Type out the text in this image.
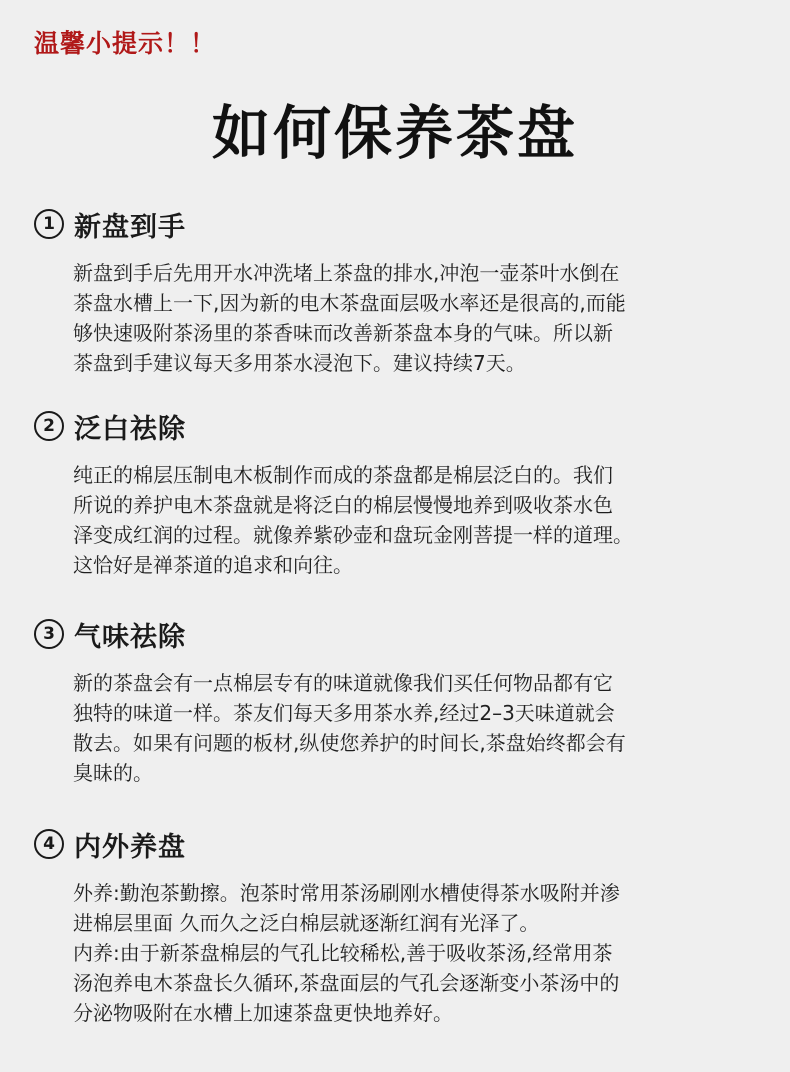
温馨小提示！！
如何保养茶盘
1 新盘到手
新盘到手后先用开水冲洗堵上茶盘的排水,冲泡一壶茶叶水倒在
茶盘水槽上一下,因为新的电木茶盘面层吸水率还是很高的,而能
够快速吸附茶汤里的茶香味而改善新茶盘本身的气味。所以新
茶盘到手建议每天多用茶水浸泡下。建议持续7天。
2 泛白祛除
纯正的棉层压制电木板制作而成的茶盘都是棉层泛白的。我们
所说的养护电木茶盘就是将泛白的棉层慢慢地养到吸收茶水色
泽变成红润的过程。就像养紫砂壶和盘玩金刚菩提一样的道理。
这恰好是禅茶道的追求和向往。
3 气味祛除
新的茶盘会有一点棉层专有的味道就像我们买任何物品都有它
独特的味道一样。茶友们每天多用茶水养,经过2–3天味道就会
散去。如果有问题的板材,纵使您养护的时间长,茶盘始终都会有
臭昧的。
4 内外养盘
外养:勤泡茶勤擦。泡茶时常用茶汤刷刚水槽使得茶水吸附并渗
进棉层里面 久而久之泛白棉层就逐渐红润有光泽了。
内养:由于新茶盘棉层的气孔比较稀松,善于吸收茶汤,经常用茶
汤泡养电木茶盘长久循环,茶盘面层的气孔会逐渐变小茶汤中的
分泌物吸附在水槽上加速茶盘更快地养好。
